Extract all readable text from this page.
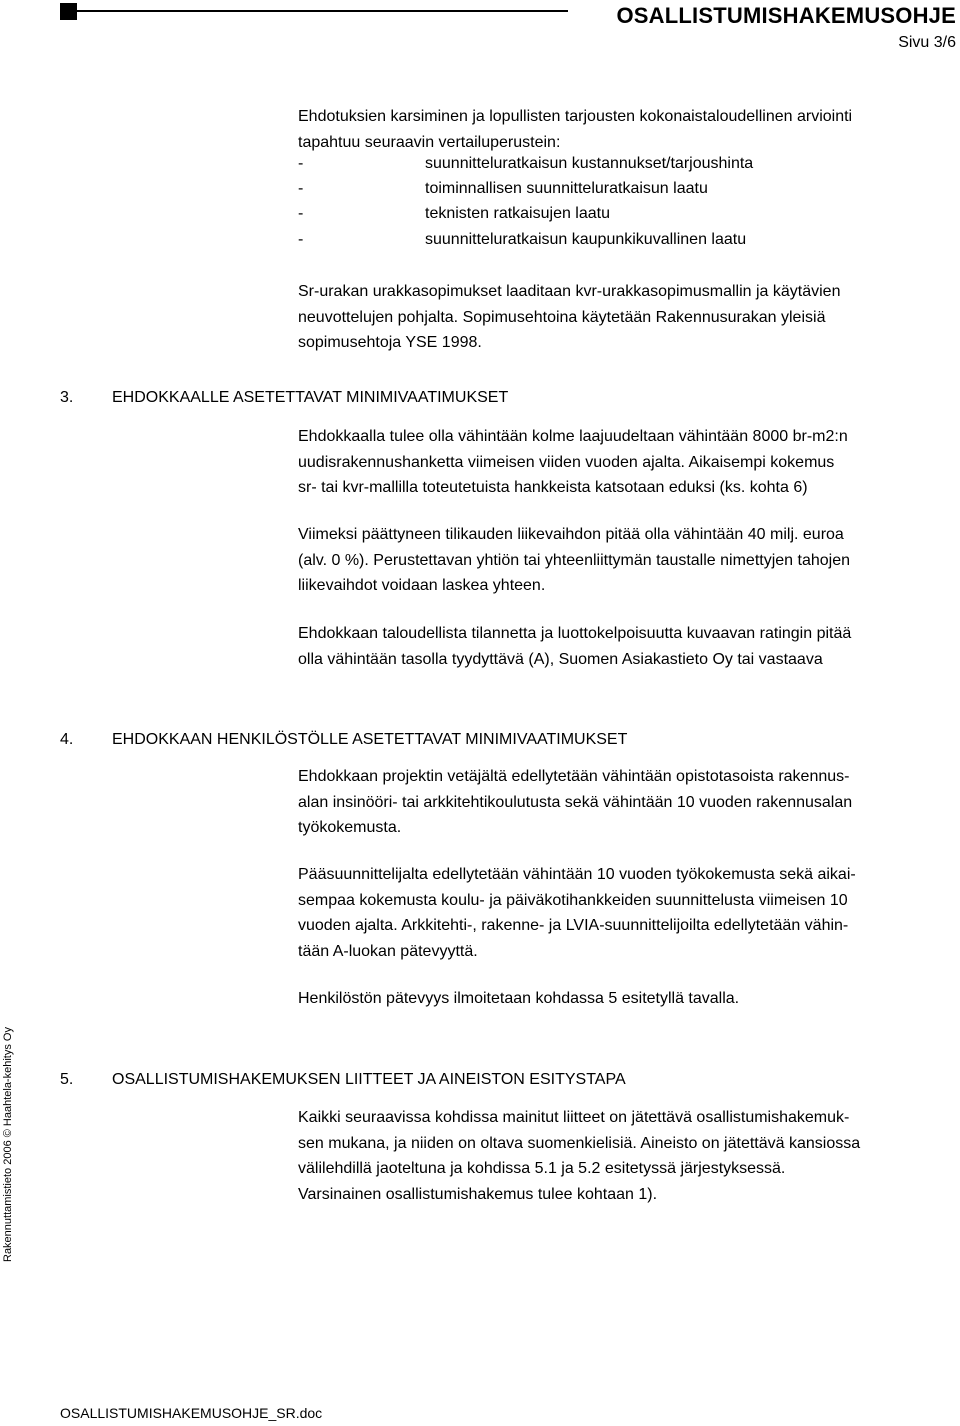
OSALLISTUMISHAKEMUSOHJE
Sivu 3/6

Ehdotuksien karsiminen ja lopullisten tarjousten kokonaistaloudellinen arviointi
tapahtuu seuraavin vertailuperustein:

-	suunnitteluratkaisun kustannukset/tarjoushinta
-	toiminnallisen suunnitteluratkaisun laatu
-	teknisten ratkaisujen laatu
-	suunnitteluratkaisun kaupunkikuvallinen laatu

Sr-urakan urakkasopimukset laaditaan kvr-urakkasopimusmallin ja käytävien
neuvottelujen pohjalta. Sopimusehtoina käytetään Rakennusurakan yleisiä
sopimusehtoja YSE 1998.

3. EHDOKKAALLE ASETETTAVAT MINIMIVAATIMUKSET

Ehdokkaalla tulee olla vähintään kolme laajuudeltaan vähintään 8000 br-m2:n
uudisrakennushanketta viimeisen viiden vuoden ajalta. Aikaisempi kokemus
sr- tai kvr-mallilla toteutetuista hankkeista katsotaan eduksi (ks. kohta 6)

Viimeksi päättyneen tilikauden liikevaihdon pitää olla vähintään 40 milj. euroa
(alv. 0 %). Perustettavan yhtiön tai yhteenliittymän taustalle nimettyjen tahojen
liikevaihdot voidaan laskea yhteen.

Ehdokkaan taloudellista tilannetta ja luottokelpoisuutta kuvaavan ratingin pitää
olla vähintään tasolla tyydyttävä (A), Suomen Asiakastieto Oy tai vastaava

4. EHDOKKAAN HENKILÖSTÖLLE ASETETTAVAT MINIMIVAATIMUKSET

Ehdokkaan projektin vetäjältä edellytetään vähintään opistotasoista rakennus-
alan insinööri- tai arkkitehtikoulutusta sekä vähintään 10 vuoden rakennusalan
työkokemusta.

Pääsuunnittelijalta edellytetään vähintään 10 vuoden työkokemusta sekä aikai-
sempaa kokemusta koulu- ja päiväkotihankkeiden suunnittelusta viimeisen 10
vuoden ajalta. Arkkitehti-, rakenne- ja LVIA-suunnittelijoilta edellytetään vähin-
tään A-luokan pätevyyttä.

Henkilöstön pätevyys ilmoitetaan kohdassa 5 esitetyllä tavalla.

5. OSALLISTUMISHAKEMUKSEN LIITTEET JA AINEISTON ESITYSTAPA

Kaikki seuraavissa kohdissa mainitut liitteet on jätettävä osallistumishakemuk-
sen mukana, ja niiden on oltava suomenkielisiä. Aineisto on jätettävä kansiossa
välilehdillä jaoteltuna ja kohdissa 5.1 ja 5.2 esitetyssä järjestyksessä.
Varsinainen osallistumishakemus tulee kohtaan 1).

Rakennuttamistieto 2006 © Haahtela-kehitys Oy
OSALLISTUMISHAKEMUSOHJE_SR.doc
